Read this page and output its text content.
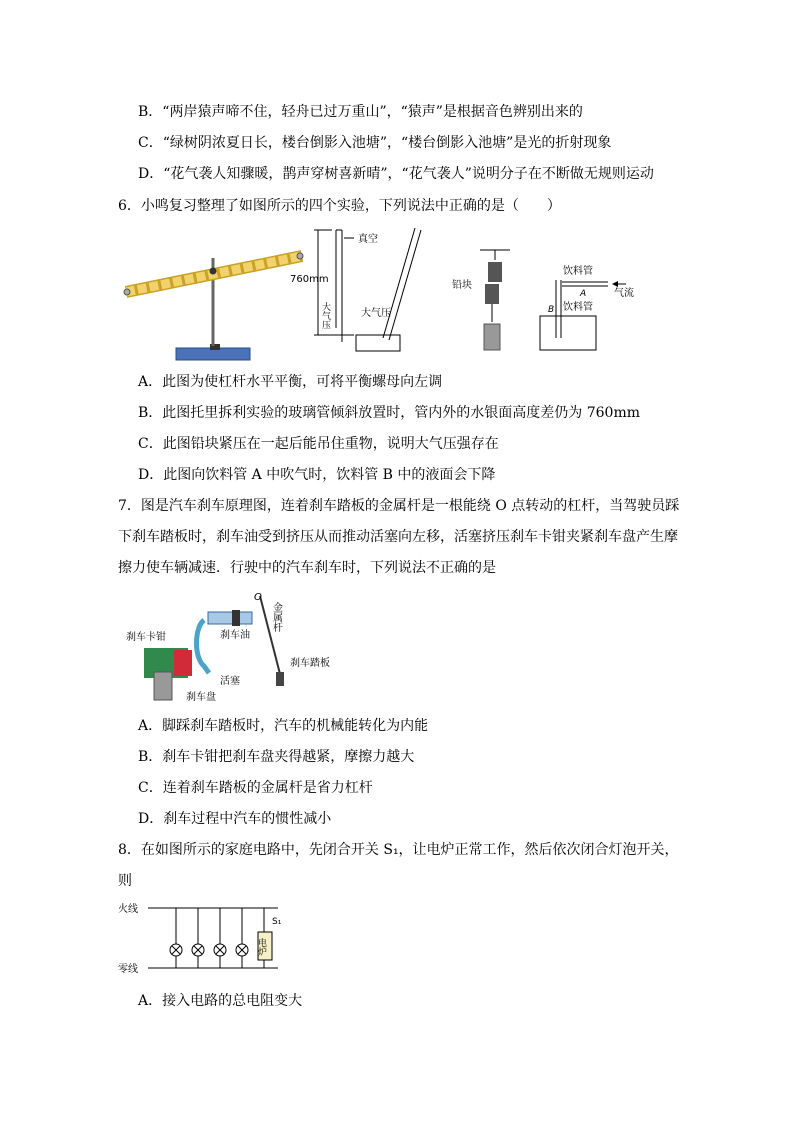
B．“两岸猿声啼不住，轻舟已过万重山”，“猿声”是根据音色辨别出来的
C．“绿树阴浓夏日长，楼台倒影入池塘”，“楼台倒影入池塘”是光的折射现象
D．“花气袭人知骤暖，鹊声穿树喜新晴”，“花气袭人”说明分子在不断做无规则运动
6．小鸣复习整理了如图所示的四个实验，下列说法中正确的是（　　）
真空
760mm
大气压
大气压
铅块
饮料管
气流
A
B 饮料管
A．此图为使杠杆水平平衡，可将平衡螺母向左调
B．此图托里拆利实验的玻璃管倾斜放置时，管内外的水银面高度差仍为 760mm
C．此图铅块紧压在一起后能吊住重物，说明大气压强存在
D．此图向饮料管 A 中吹气时，饮料管 B 中的液面会下降
7．图是汽车刹车原理图，连着刹车踏板的金属杆是一根能绕 O 点转动的杠杆，当驾驶员踩
下刹车踏板时，刹车油受到挤压从而推动活塞向左移，活塞挤压刹车卡钳夹紧刹车盘产生摩
擦力使车辆减速．行驶中的汽车刹车时，下列说法不正确的是
O
金属杆
刹车油
刹车卡钳
活塞
刹车盘
刹车踏板
A．脚踩刹车踏板时，汽车的机械能转化为内能
B．刹车卡钳把刹车盘夹得越紧，摩擦力越大
C．连着刹车踏板的金属杆是省力杠杆
D．刹车过程中汽车的惯性减小
8．在如图所示的家庭电路中，先闭合开关 S₁，让电炉正常工作，然后依次闭合灯泡开关，
则
火线
零线
S₁
电炉
A．接入电路的总电阻变大
